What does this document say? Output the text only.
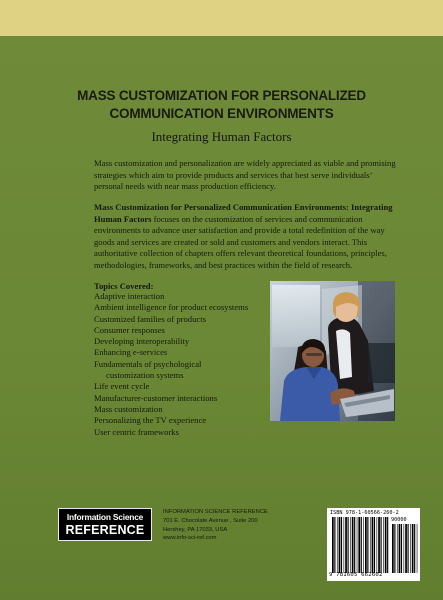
MASS CUSTOMIZATION FOR PERSONALIZED
COMMUNICATION ENVIRONMENTS
Integrating Human Factors

Mass customization and personalization are widely appreciated as viable and promising strategies which aim to provide products and services that best serve individuals’ personal needs with near mass production efficiency.

Mass Customization for Personalized Communication Environments: Integrating Human Factors focuses on the customization of services and communication environments to advance user satisfaction and provide a total redefinition of the way goods and services are created or sold and customers and vendors interact. This authoritative collection of chapters offers relevant theoretical foundations, principles, methodologies, frameworks, and best practices within the field of research.

Topics Covered:
Adaptive interaction
Ambient intelligence for product ecosystems
Customized families of products
Consumer responses
Developing interoperability
Enhancing e-services
Fundamentals of psychological
customization systems
Life event cycle
Manufacturer-customer interactions
Mass customization
Personalizing the TV experience
User centric frameworks
Information Science
REFERENCE
INFORMATION SCIENCE REFERENCE
701 E. Chocolate Avenue , Suite 200
Hershey, PA 17033, USA
www.info-sci-ref.com
ISBN 978-1-60566-260-2
90000
9 781605 662602
